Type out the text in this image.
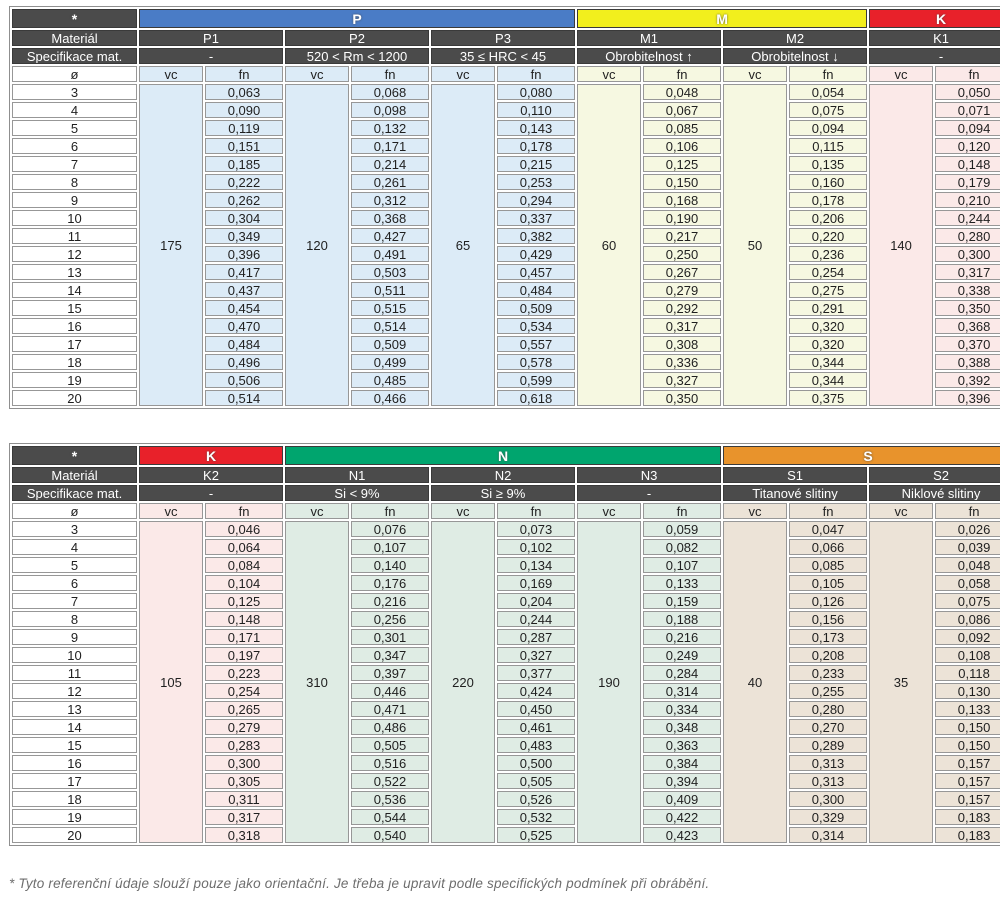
*	P						M				K	
Materiál	P1		P2		P3		M1		M2		K1	
Specifikace mat.	-		520 < Rm < 1200		35 ≤ HRC < 45		Obrobitelnost ↑		Obrobitelnost ↓		-	
ø	vc	fn	vc	fn	vc	fn	vc	fn	vc	fn	vc	fn
3	175	0,063	120	0,068	65	0,080	60	0,048	50	0,054	140	0,050
4		0,090		0,098		0,110		0,067		0,075		0,071
5		0,119		0,132		0,143		0,085		0,094		0,094
6		0,151		0,171		0,178		0,106		0,115		0,120
7		0,185		0,214		0,215		0,125		0,135		0,148
8		0,222		0,261		0,253		0,150		0,160		0,179
9		0,262		0,312		0,294		0,168		0,178		0,210
10		0,304		0,368		0,337		0,190		0,206		0,244
11		0,349		0,427		0,382		0,217		0,220		0,280
12		0,396		0,491		0,429		0,250		0,236		0,300
13		0,417		0,503		0,457		0,267		0,254		0,317
14		0,437		0,511		0,484		0,279		0,275		0,338
15		0,454		0,515		0,509		0,292		0,291		0,350
16		0,470		0,514		0,534		0,317		0,320		0,368
17		0,484		0,509		0,557		0,308		0,320		0,370
18		0,496		0,499		0,578		0,336		0,344		0,388
19		0,506		0,485		0,599		0,327		0,344		0,392
20		0,514		0,466		0,618		0,350		0,375		0,396
*	K		N						S			
Materiál	K2		N1		N2		N3		S1		S2	
Specifikace mat.	-		Si < 9%		Si ≥ 9%		-		Titanové slitiny		Niklové slitiny	
ø	vc	fn	vc	fn	vc	fn	vc	fn	vc	fn	vc	fn
3	105	0,046	310	0,076	220	0,073	190	0,059	40	0,047	35	0,026
4		0,064		0,107		0,102		0,082		0,066		0,039
5		0,084		0,140		0,134		0,107		0,085		0,048
6		0,104		0,176		0,169		0,133		0,105		0,058
7		0,125		0,216		0,204		0,159		0,126		0,075
8		0,148		0,256		0,244		0,188		0,156		0,086
9		0,171		0,301		0,287		0,216		0,173		0,092
10		0,197		0,347		0,327		0,249		0,208		0,108
11		0,223		0,397		0,377		0,284		0,233		0,118
12		0,254		0,446		0,424		0,314		0,255		0,130
13		0,265		0,471		0,450		0,334		0,280		0,133
14		0,279		0,486		0,461		0,348		0,270		0,150
15		0,283		0,505		0,483		0,363		0,289		0,150
16		0,300		0,516		0,500		0,384		0,313		0,157
17		0,305		0,522		0,505		0,394		0,313		0,157
18		0,311		0,536		0,526		0,409		0,300		0,157
19		0,317		0,544		0,532		0,422		0,329		0,183
20		0,318		0,540		0,525		0,423		0,314		0,183
* Tyto referenční údaje slouží pouze jako orientační. Je třeba je upravit podle specifických podmínek při obrábění.
